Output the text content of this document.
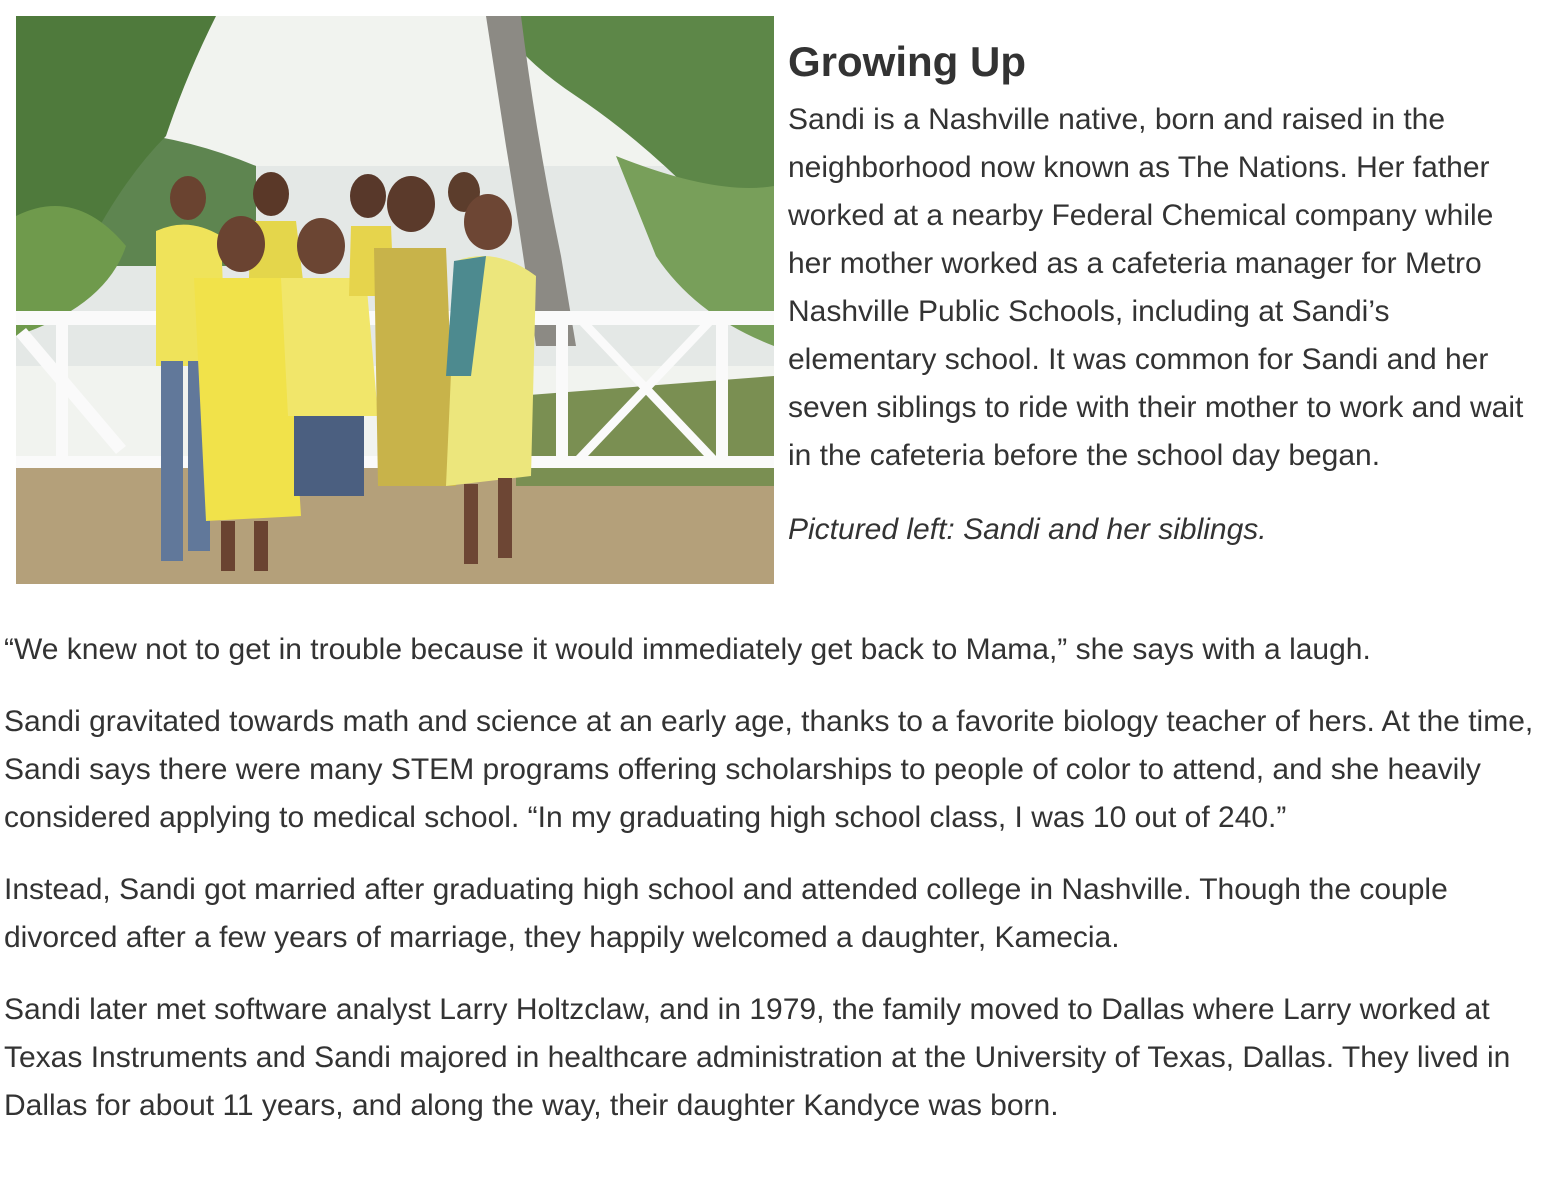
Growing Up

Sandi is a Nashville native, born and raised in the neighborhood now known as The Nations. Her father worked at a nearby Federal Chemical company while her mother worked as a cafeteria manager for Metro Nashville Public Schools, including at Sandi’s elementary school. It was common for Sandi and her seven siblings to ride with their mother to work and wait in the cafeteria before the school day began.

Pictured left: Sandi and her siblings.

“We knew not to get in trouble because it would immediately get back to Mama,” she says with a laugh.

Sandi gravitated towards math and science at an early age, thanks to a favorite biology teacher of hers. At the time, Sandi says there were many STEM programs offering scholarships to people of color to attend, and she heavily considered applying to medical school. “In my graduating high school class, I was 10 out of 240.”

Instead, Sandi got married after graduating high school and attended college in Nashville. Though the couple divorced after a few years of marriage, they happily welcomed a daughter, Kamecia.

Sandi later met software analyst Larry Holtzclaw, and in 1979, the family moved to Dallas where Larry worked at Texas Instruments and Sandi majored in healthcare administration at the University of Texas, Dallas. They lived in Dallas for about 11 years, and along the way, their daughter Kandyce was born.
